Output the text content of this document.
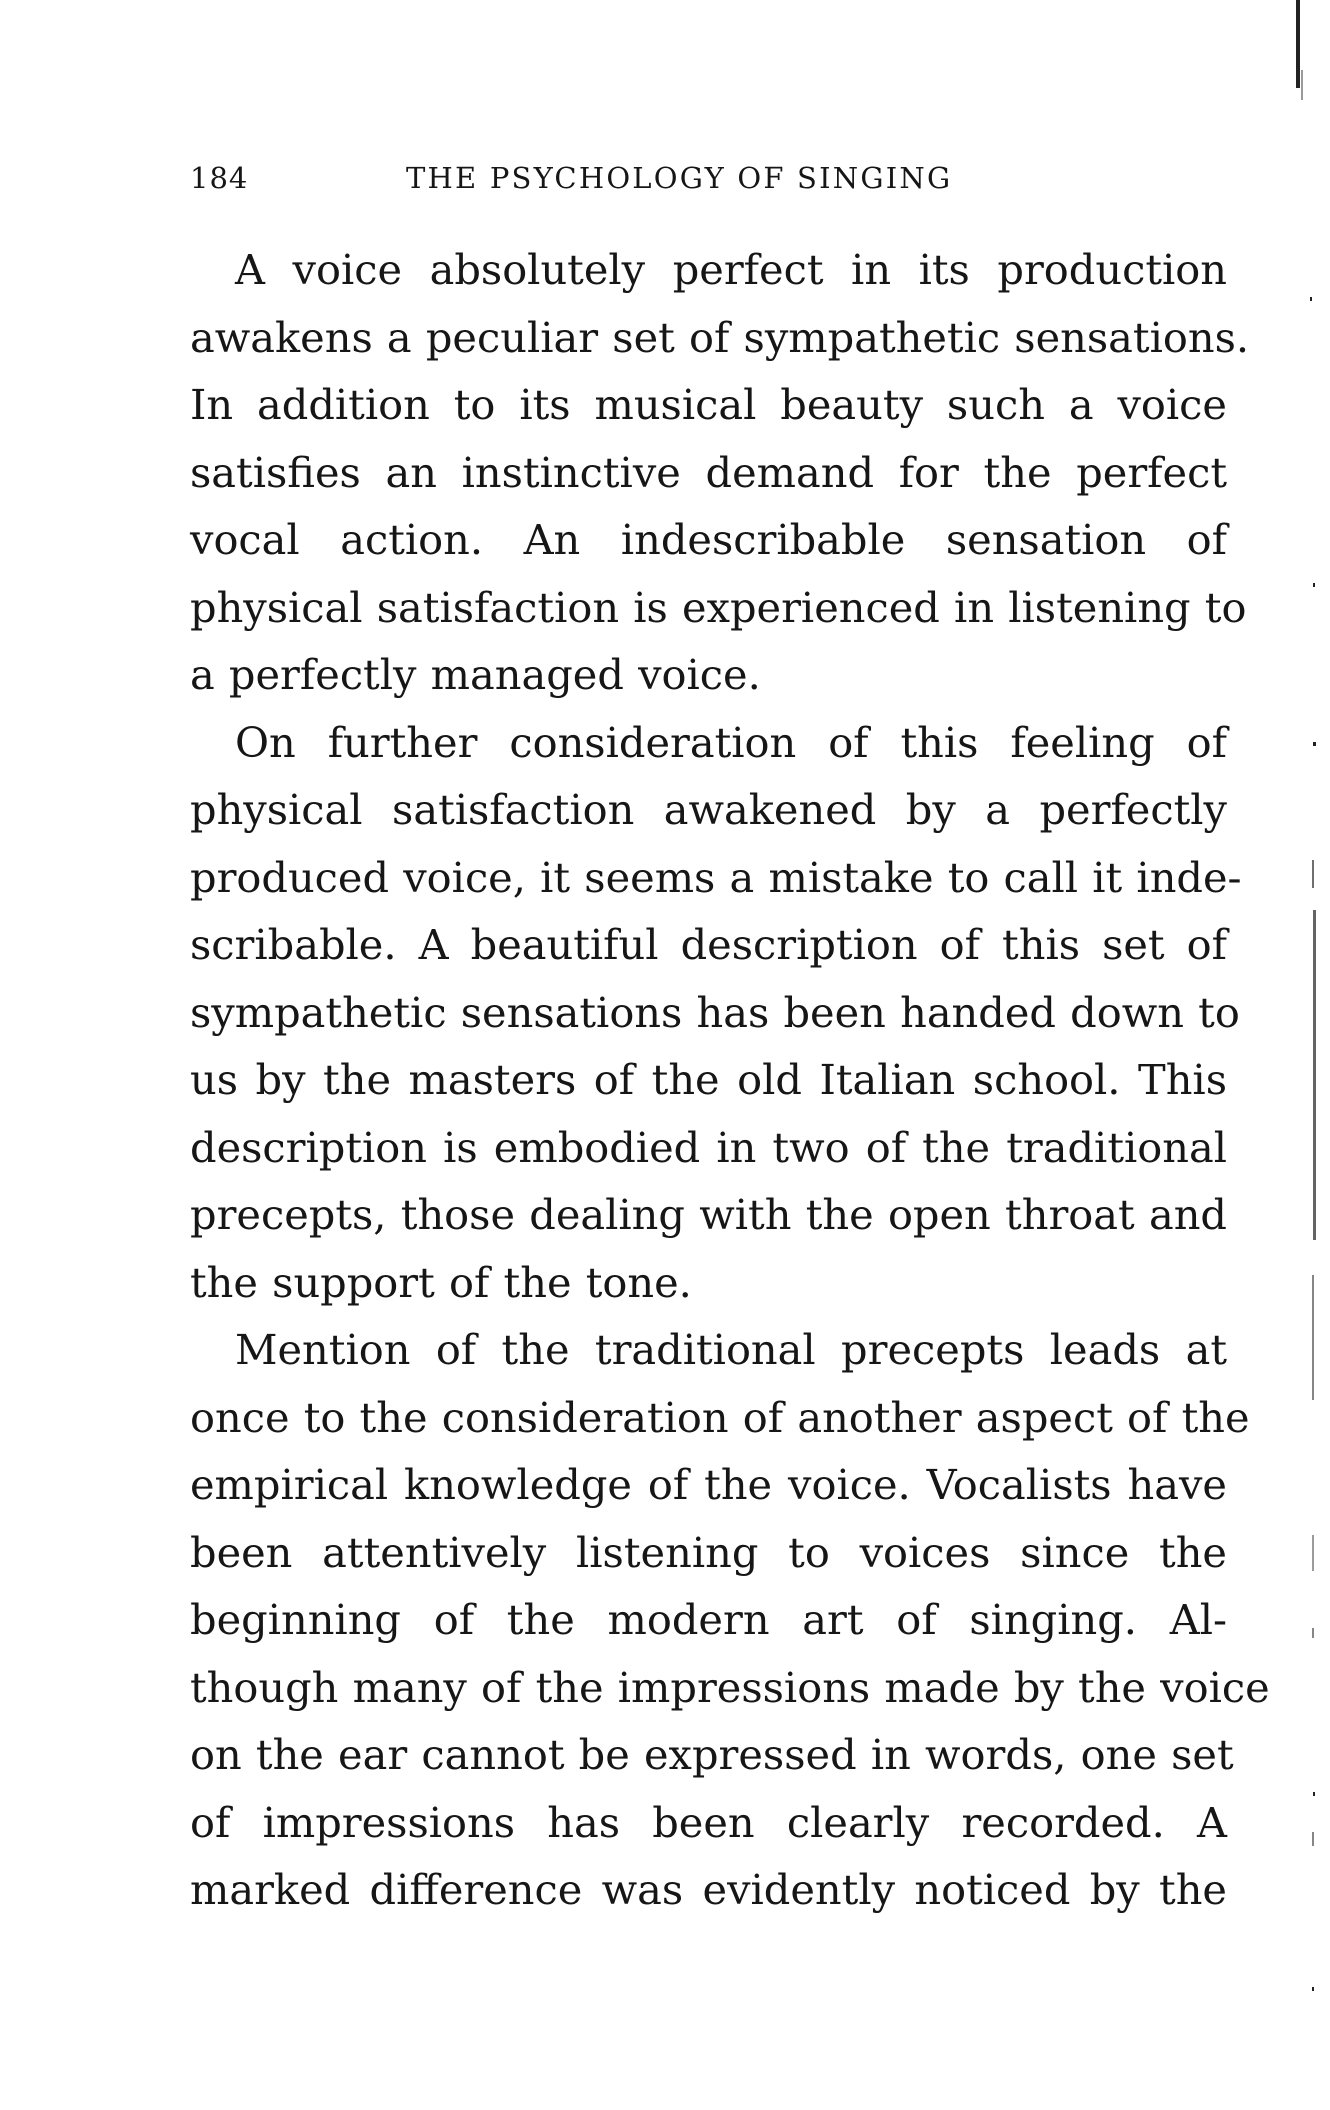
184	THE PSYCHOLOGY OF SINGING

A voice absolutely perfect in its production
awakens a peculiar set of sympathetic sensations.
In addition to its musical beauty such a voice
satisfies an instinctive demand for the perfect
vocal action. An indescribable sensation of
physical satisfaction is experienced in listening to
a perfectly managed voice.

On further consideration of this feeling of
physical satisfaction awakened by a perfectly
produced voice, it seems a mistake to call it inde-
scribable. A beautiful description of this set of
sympathetic sensations has been handed down to
us by the masters of the old Italian school. This
description is embodied in two of the traditional
precepts, those dealing with the open throat and
the support of the tone.

Mention of the traditional precepts leads at
once to the consideration of another aspect of the
empirical knowledge of the voice. Vocalists have
been attentively listening to voices since the
beginning of the modern art of singing. Al-
though many of the impressions made by the voice
on the ear cannot be expressed in words, one set
of impressions has been clearly recorded. A
marked difference was evidently noticed by the
